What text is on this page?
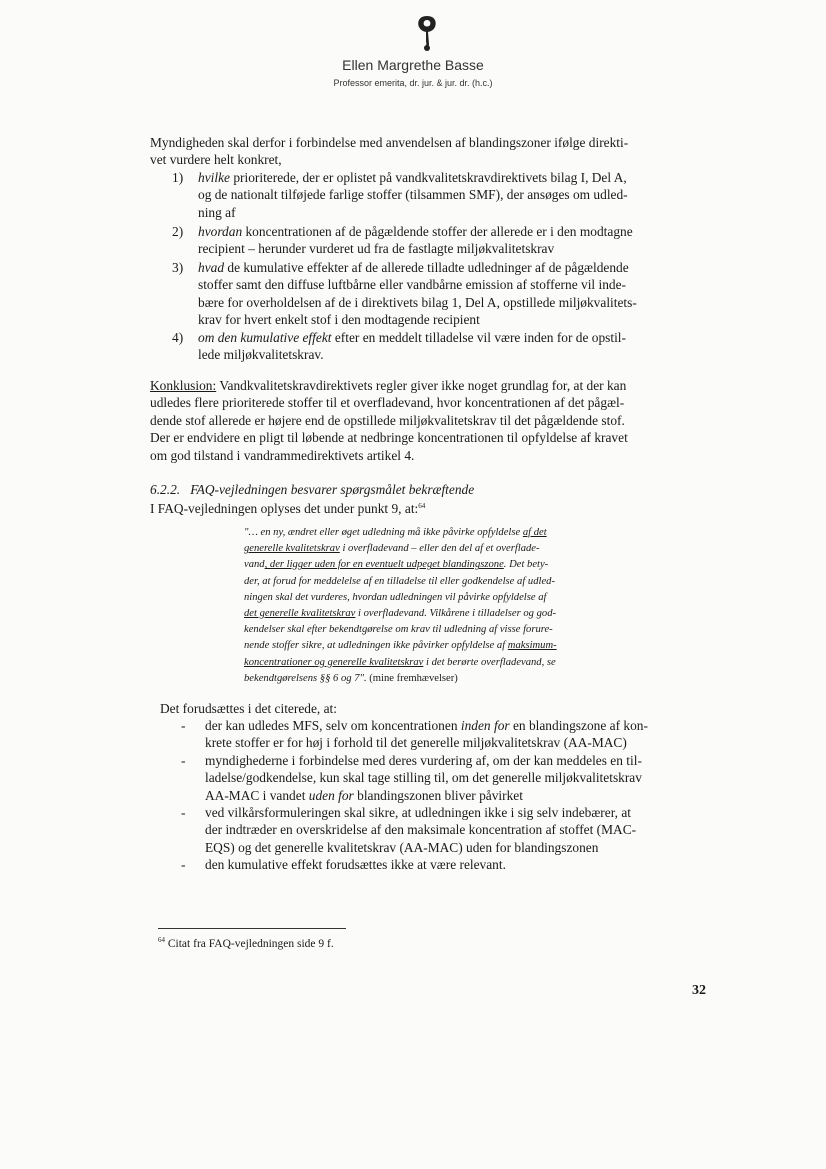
Ellen Margrethe Basse
Professor emerita, dr. jur. & jur. dr. (h.c.)
Myndigheden skal derfor i forbindelse med anvendelsen af blandingszoner ifølge direkti-
vet vurdere helt konkret,
1)	hvilke prioriterede, der er oplistet på vandkvalitetskravdirektivets bilag I, Del A,
og de nationalt tilføjede farlige stoffer (tilsammen SMF), der ansøges om udled-
ning af
2)	hvordan koncentrationen af de pågældende stoffer der allerede er i den modtagne
recipient – herunder vurderet ud fra de fastlagte miljøkvalitetskrav
3)	hvad de kumulative effekter af de allerede tilladte udledninger af de pågældende
stoffer samt den diffuse luftbårne eller vandbårne emission af stofferne vil inde-
bære for overholdelsen af de i direktivets bilag 1, Del A, opstillede miljøkvalitets-
krav for hvert enkelt stof i den modtagende recipient
4)	om den kumulative effekt efter en meddelt tilladelse vil være inden for de opstil-
lede miljøkvalitetskrav.
Konklusion: Vandkvalitetskravdirektivets regler giver ikke noget grundlag for, at der kan
udledes flere prioriterede stoffer til et overfladevand, hvor koncentrationen af det pågæl-
dende stof allerede er højere end de opstillede miljøkvalitetskrav til det pågældende stof.
Der er endvidere en pligt til løbende at nedbringe koncentrationen til opfyldelse af kravet
om god tilstand i vandrammedirektivets artikel 4.
6.2.2. FAQ-vejledningen besvarer spørgsmålet bekræftende
I FAQ-vejledningen oplyses det under punkt 9, at:$^{64}$
"… en ny, ændret eller øget udledning må ikke påvirke opfyldelse af det
generelle kvalitetskrav i overfladevand – eller den del af et overflade-
vand, der ligger uden for en eventuelt udpeget blandingszone. Det bety-
der, at forud for meddelelse af en tilladelse til eller godkendelse af udled-
ningen skal det vurderes, hvordan udledningen vil påvirke opfyldelse af
det generelle kvalitetskrav i overfladevand. Vilkårene i tilladelser og god-
kendelser skal efter bekendtgørelse om krav til udledning af visse forure-
nende stoffer sikre, at udledningen ikke påvirker opfyldelse af maksimum-
koncentrationer og generelle kvalitetskrav i det berørte overfladevand, se
bekendtgørelsens §§ 6 og 7". (mine fremhævelser)
Det forudsættes i det citerede, at:
- der kan udledes MFS, selv om koncentrationen inden for en blandingszone af kon-
krete stoffer er for høj i forhold til det generelle miljøkvalitetskrav (AA-MAC)
- myndighederne i forbindelse med deres vurdering af, om der kan meddeles en til-
ladelse/godkendelse, kun skal tage stilling til, om det generelle miljøkvalitetskrav
AA-MAC i vandet uden for blandingszonen bliver påvirket
- ved vilkårsformuleringen skal sikre, at udledningen ikke i sig selv indebærer, at
der indtræder en overskridelse af den maksimale koncentration af stoffet (MAC-
EQS) og det generelle kvalitetskrav (AA-MAC) uden for blandingszonen
- den kumulative effekt forudsættes ikke at være relevant.
$^{64}$ Citat fra FAQ-vejledningen side 9 f.
32
